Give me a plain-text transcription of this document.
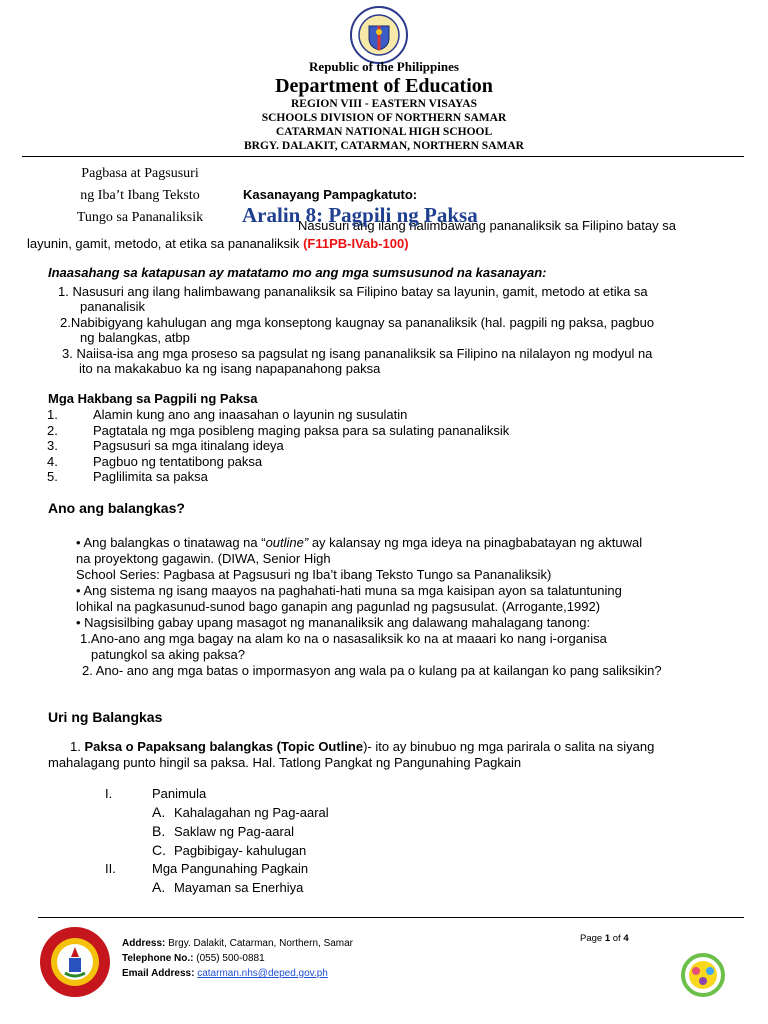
Republic of the Philippines
Department of Education
REGION VIII - EASTERN VISAYAS
SCHOOLS DIVISION OF NORTHERN SAMAR
CATARMAN NATIONAL HIGH SCHOOL
BRGY. DALAKIT, CATARMAN, NORTHERN SAMAR
Pagbasa at Pagsusuri
ng Iba’t Ibang Teksto
Tungo sa Pananaliksik
Kasanayang Pampagkatuto:
Nasusuri ang ilang halimbawang pananaliksik sa Filipino batay sa
Aralin 8: Pagpili ng Paksa
layunin, gamit, metodo, at etika sa pananaliksik (F11PB-IVab-100)
Inaasahang sa katapusan ay matatamo mo ang mga sumsusunod na kasanayan:
1. Nasusuri ang ilang halimbawang pananaliksik sa Filipino batay sa layunin, gamit, metodo at etika sa
pananalisik
2.Nabibigyang kahulugan ang mga konseptong kaugnay sa pananaliksik (hal. pagpili ng paksa, pagbuo
ng balangkas, atbp
3. Naiisa-isa ang mga proseso sa pagsulat ng isang pananaliksik sa Filipino na nilalayon ng modyul na
ito na makakabuo ka ng isang napapanahong paksa
Mga Hakbang sa Pagpili ng Paksa
1.	Alamin kung ano ang inaasahan o layunin ng susulatin
2.	Pagtatala ng mga posibleng maging paksa para sa sulating pananaliksik
3.	Pagsusuri sa mga itinalang ideya
4.	Pagbuo ng tentatibong paksa
5.	Paglilimita sa paksa
Ano ang balangkas?
• Ang balangkas o tinatawag na “outline” ay kalansay ng mga ideya na pinagbabatayan ng aktuwal
na proyektong gagawin. (DIWA, Senior High
School Series: Pagbasa at Pagsusuri ng Iba’t ibang Teksto Tungo sa Pananaliksik)
• Ang sistema ng isang maayos na paghahati-hati muna sa mga kaisipan ayon sa talatuntuning
lohikal na pagkasunud-sunod bago ganapin ang pagunlad ng pagsusulat. (Arrogante,1992)
• Nagsisilbing gabay upang masagot ng mananaliksik ang dalawang mahalagang tanong:
1.Ano-ano ang mga bagay na alam ko na o nasasaliksik ko na at maaari ko nang i-organisa
patungkol sa aking paksa?
2. Ano- ano ang mga batas o impormasyon ang wala pa o kulang pa at kailangan ko pang saliksikin?
Uri ng Balangkas
1. Paksa o Papaksang balangkas (Topic Outline)- ito ay binubuo ng mga parirala o salita na siyang
mahalagang punto hingil sa paksa. Hal. Tatlong Pangkat ng Pangunahing Pagkain
I.	Panimula
A. Kahalagahan ng Pag-aaral
B. Saklaw ng Pag-aaral
C. Pagbibigay- kahulugan
II.	Mga Pangunahing Pagkain
A. Mayaman sa Enerhiya
Address: Brgy. Dalakit, Catarman, Northern, Samar
Telephone No.: (055) 500-0881
Email Address: catarman.nhs@deped.gov.ph
Page 1 of 4
